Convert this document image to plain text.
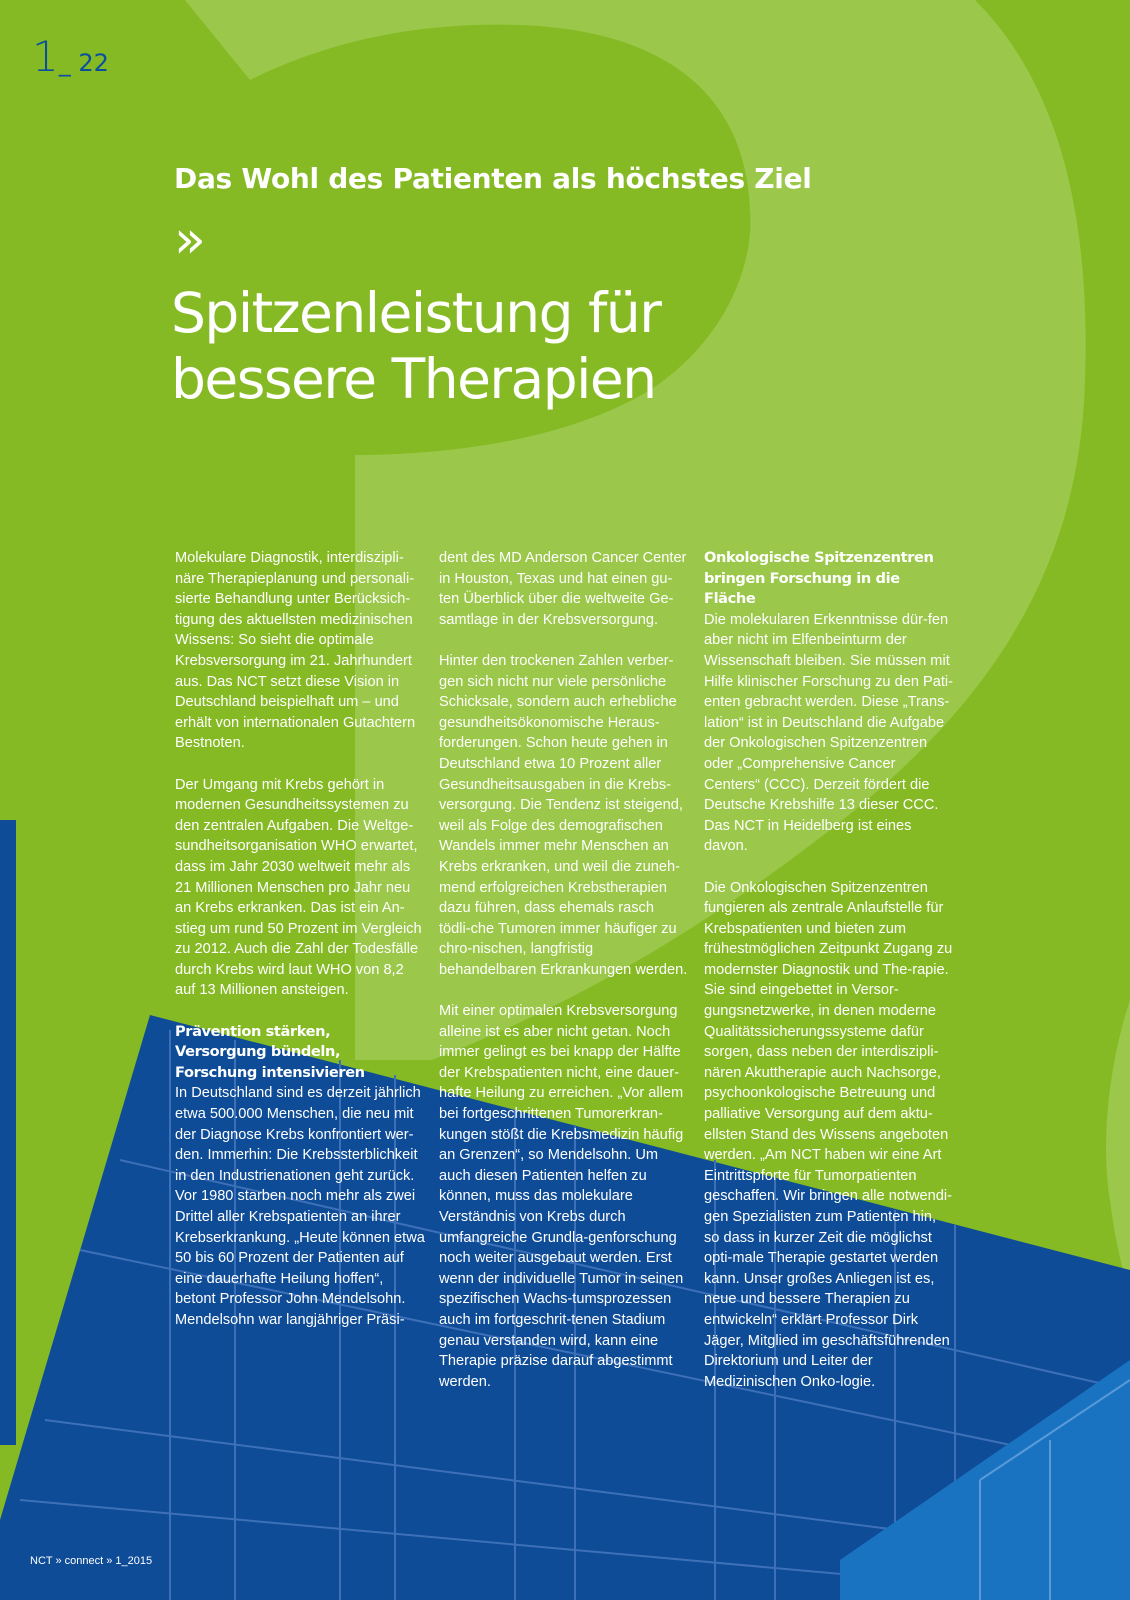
1_ 22
Das Wohl des Patienten als höchstes Ziel
»
Spitzenleistung für
bessere Therapien

Molekulare Diagnostik, interdiszipli-näre Therapieplanung und personali-sierte Behandlung unter Berücksich-tigung des aktuellsten medizinischen Wissens: So sieht die optimale Krebsversorgung im 21. Jahrhundert aus. Das NCT setzt diese Vision in Deutschland beispielhaft um – und erhält von internationalen Gutachtern Bestnoten.

Der Umgang mit Krebs gehört in modernen Gesundheitssystemen zu den zentralen Aufgaben. Die Weltge-sundheitsorganisation WHO erwartet, dass im Jahr 2030 weltweit mehr als 21 Millionen Menschen pro Jahr neu an Krebs erkranken. Das ist ein An-stieg um rund 50 Prozent im Vergleich zu 2012. Auch die Zahl der Todesfälle durch Krebs wird laut WHO von 8,2 auf 13 Millionen ansteigen.

Prävention stärken, Versorgung bündeln, Forschung intensivieren

In Deutschland sind es derzeit jährlich etwa 500.000 Menschen, die neu mit der Diagnose Krebs konfrontiert wer-den. Immerhin: Die Krebssterblichkeit in den Industrienationen geht zurück. Vor 1980 starben noch mehr als zwei Drittel aller Krebspatienten an ihrer Krebserkrankung. „Heute können etwa 50 bis 60 Prozent der Patienten auf eine dauerhafte Heilung hoffen“, betont Professor John Mendelsohn. Mendelsohn war langjähriger Präsi-

dent des MD Anderson Cancer Center in Houston, Texas und hat einen gu-ten Überblick über die weltweite Ge-samtlage in der Krebsversorgung.

Hinter den trockenen Zahlen verber-gen sich nicht nur viele persönliche Schicksale, sondern auch erhebliche gesundheitsökonomische Heraus-forderungen. Schon heute gehen in Deutschland etwa 10 Prozent aller Gesundheitsausgaben in die Krebs-versorgung. Die Tendenz ist steigend, weil als Folge des demografischen Wandels immer mehr Menschen an Krebs erkranken, und weil die zuneh-mend erfolgreichen Krebstherapien dazu führen, dass ehemals rasch tödli-che Tumoren immer häufiger zu chro-nischen, langfristig behandelbaren Erkrankungen werden.

Mit einer optimalen Krebsversorgung alleine ist es aber nicht getan. Noch immer gelingt es bei knapp der Hälfte der Krebspatienten nicht, eine dauer-hafte Heilung zu erreichen. „Vor allem bei fortgeschrittenen Tumorerkran-kungen stößt die Krebsmedizin häufig an Grenzen“, so Mendelsohn. Um auch diesen Patienten helfen zu können, muss das molekulare Verständnis von Krebs durch umfangreiche Grundla-genforschung noch weiter ausgebaut werden. Erst wenn der individuelle Tumor in seinen spezifischen Wachs-tumsprozessen auch im fortgeschrit-tenen Stadium genau verstanden wird, kann eine Therapie präzise darauf abgestimmt werden.

Onkologische Spitzenzentren bringen Forschung in die Fläche

Die molekularen Erkenntnisse dür-fen aber nicht im Elfenbeinturm der Wissenschaft bleiben. Sie müssen mit Hilfe klinischer Forschung zu den Pati-enten gebracht werden. Diese „Trans-lation“ ist in Deutschland die Aufgabe der Onkologischen Spitzenzentren oder „Comprehensive Cancer Centers“ (CCC). Derzeit fördert die Deutsche Krebshilfe 13 dieser CCC. Das NCT in Heidelberg ist eines davon.

Die Onkologischen Spitzenzentren fungieren als zentrale Anlaufstelle für Krebspatienten und bieten zum frühestmöglichen Zeitpunkt Zugang zu modernster Diagnostik und The-rapie. Sie sind eingebettet in Versor-gungsnetzwerke, in denen moderne Qualitätssicherungssysteme dafür sorgen, dass neben der interdiszipli-nären Akuttherapie auch Nachsorge, psychoonkologische Betreuung und palliative Versorgung auf dem aktu-ellsten Stand des Wissens angeboten werden. „Am NCT haben wir eine Art Eintrittspforte für Tumorpatienten geschaffen. Wir bringen alle notwendi-gen Spezialisten zum Patienten hin, so dass in kurzer Zeit die möglichst opti-male Therapie gestartet werden kann. Unser großes Anliegen ist es, neue und bessere Therapien zu entwickeln“ erklärt Professor Dirk Jäger, Mitglied im geschäftsführenden Direktorium und Leiter der Medizinischen Onko-logie.

NCT » connect » 1_2015
